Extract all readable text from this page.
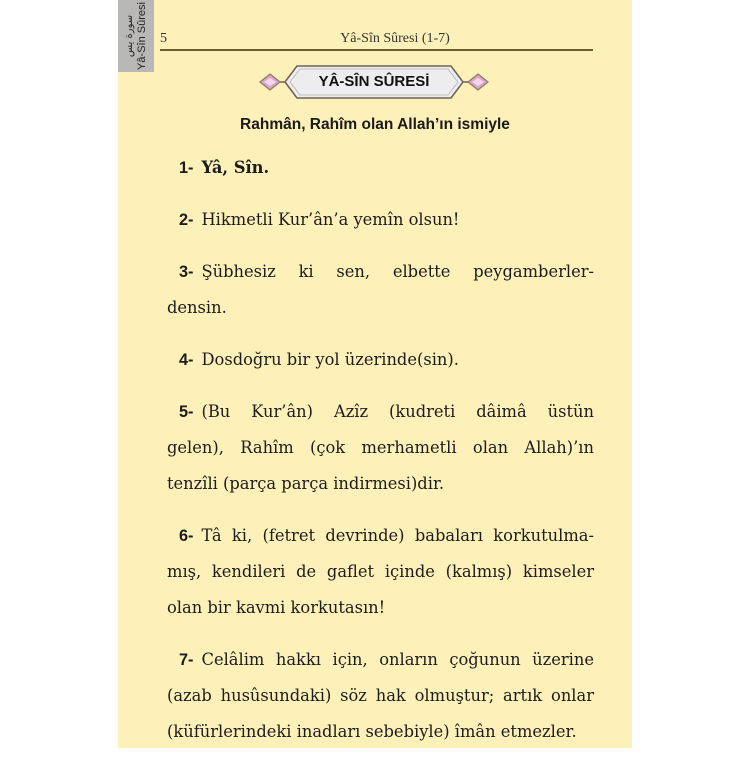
سورة يس Yâ-Sîn Sûresi 5	Yâ-Sîn Sûresi (1-7)
YÂ-SÎN SÛRESİ
Rahmân, Rahîm olan Allah’ın ismiyle
1- Yâ, Sîn.
2- Hikmetli Kur’ân’a yemîn olsun!
3- Şübhesiz ki sen, elbette peygamberler-
densin.
4- Dosdoğru bir yol üzerinde(sin).
5- (Bu Kur’ân) Azîz (kudreti dâimâ üstün
gelen), Rahîm (çok merhametli olan Allah)’ın
tenzîli (parça parça indirmesi)dir.
6- Tâ ki, (fetret devrinde) babaları korkutulma-
mış, kendileri de gaflet içinde (kalmış) kimseler
olan bir kavmi korkutasın!
7- Celâlim hakkı için, onların çoğunun üzerine
(azab husûsundaki) söz hak olmuştur; artık onlar
(küfürlerindeki inadları sebebiyle) îmân etmezler.
